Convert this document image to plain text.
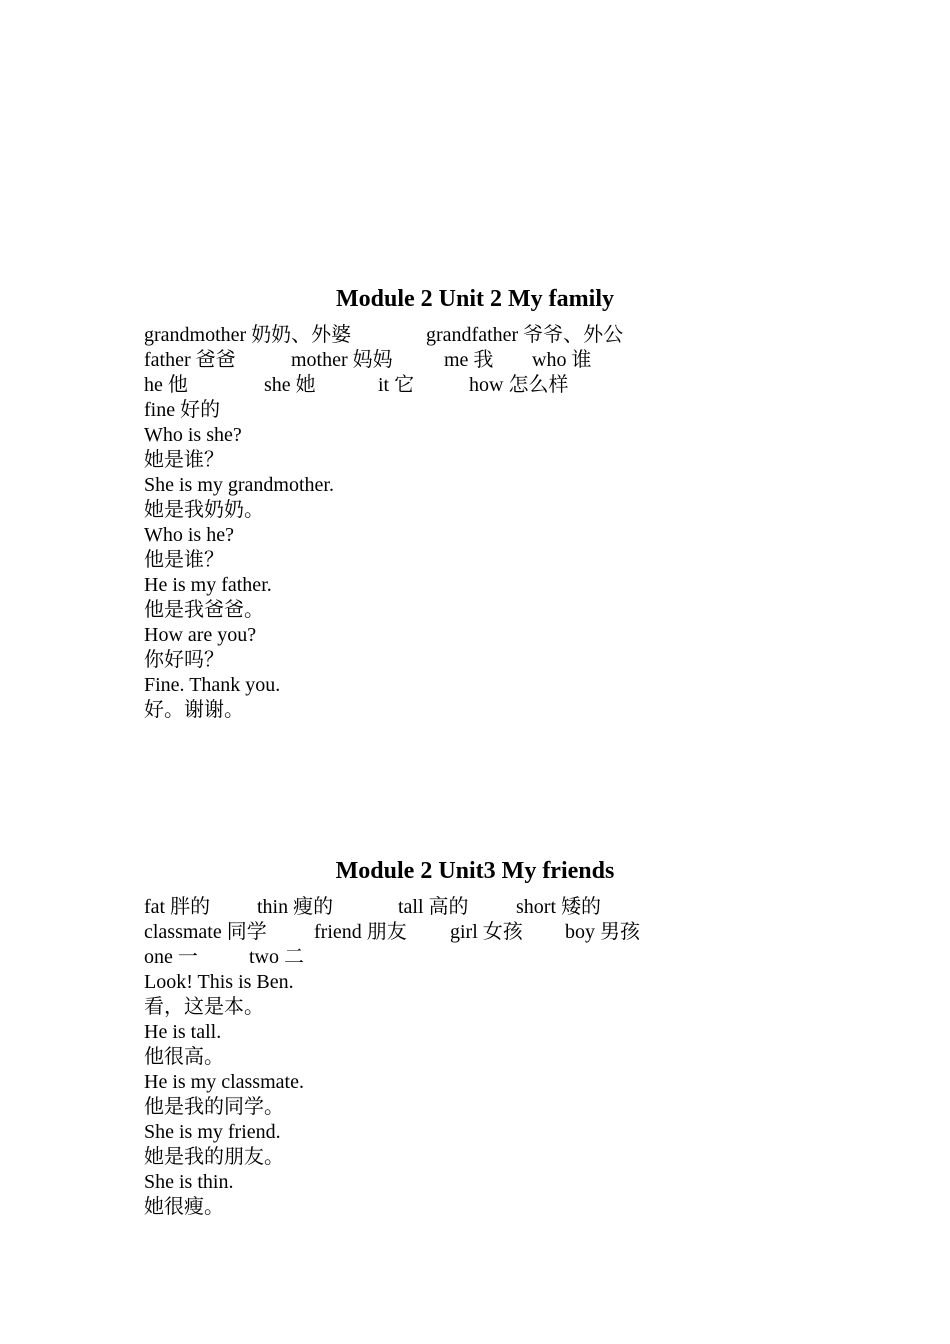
Module 2 Unit 2 My family
grandmother 奶奶、外婆	grandfather 爷爷、外公
father 爸爸	mother 妈妈	me 我 who 谁
he 他	she 她	it 它	how 怎么样
fine 好的

Who is she?

她是谁？

She is my grandmother.

她是我奶奶。

Who is he?

他是谁？

He is my father.

他是我爸爸。

How are you?

你好吗？

Fine. Thank you.

好。谢谢。

Module 2 Unit3 My friends
fat 胖的 thin 瘦的	tall 高的 short 矮的
classmate 同学 friend 朋友 girl 女孩 boy 男孩
one 一	two 二

Look! This is Ben.

看，这是本。

He is tall.

他很高。

He is my classmate.

他是我的同学。

She is my friend.

她是我的朋友。

She is thin.

她很瘦。
